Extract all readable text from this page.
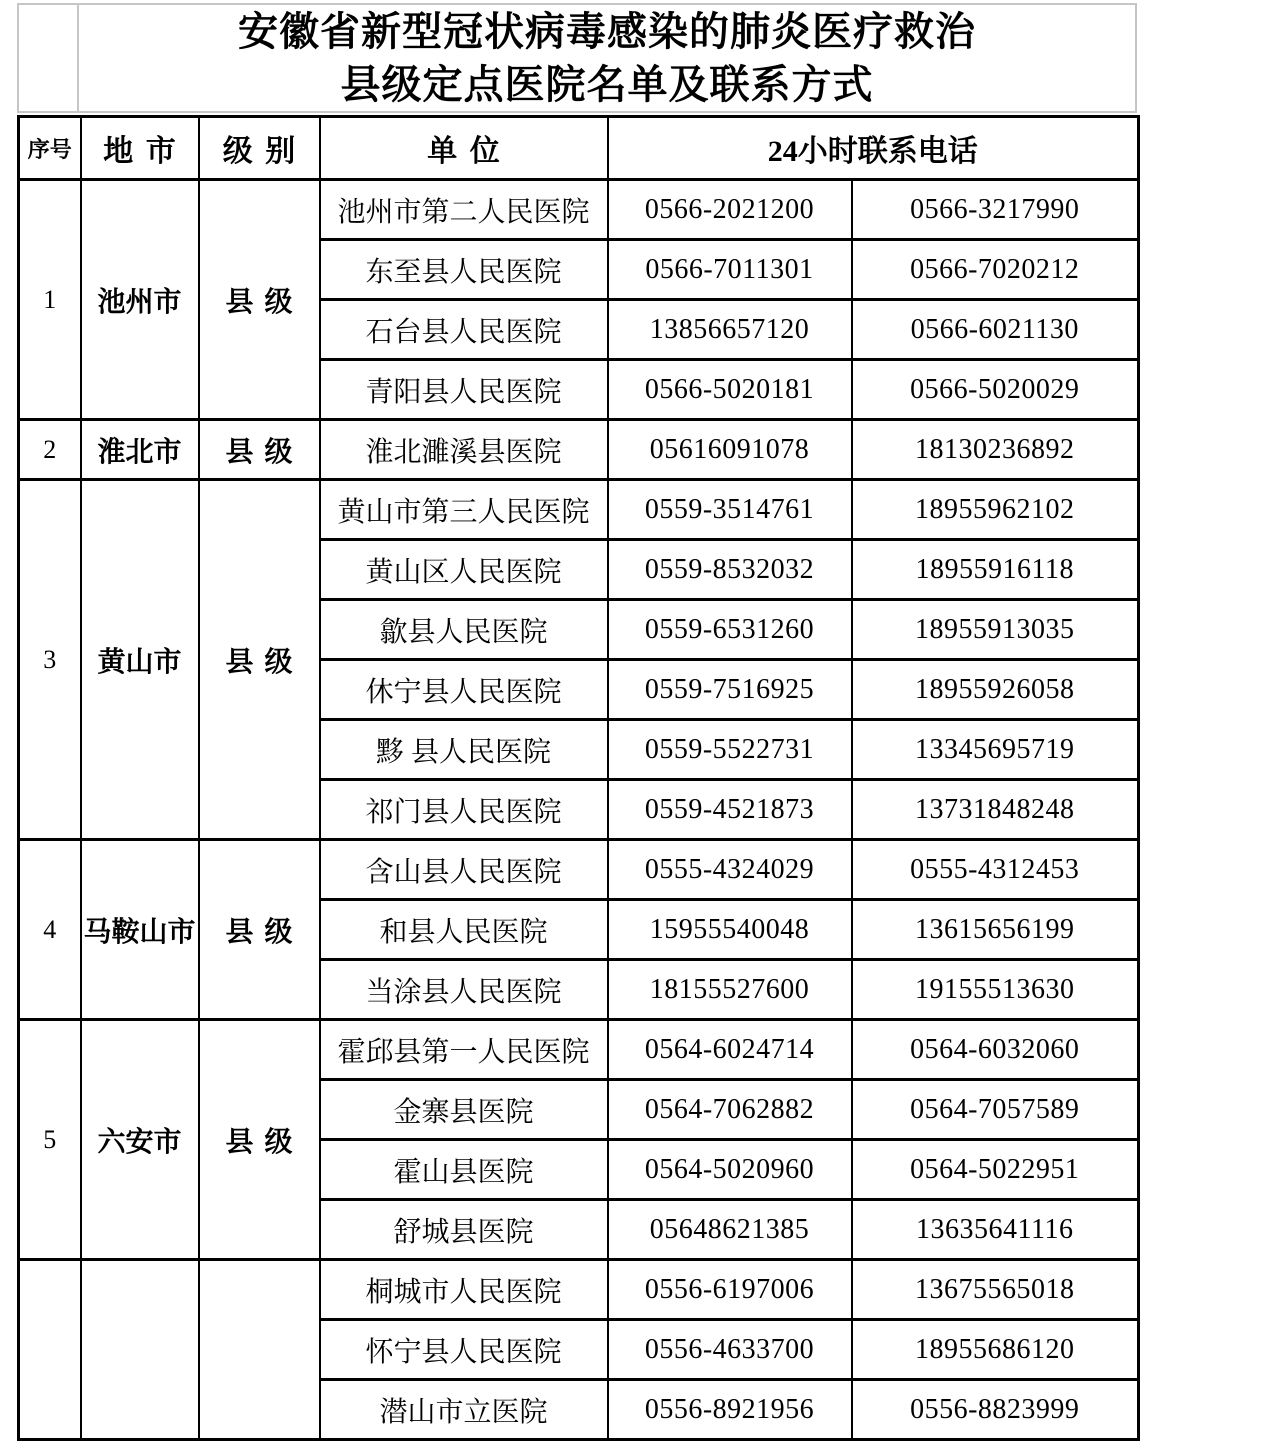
安徽省新型冠状病毒感染的肺炎医疗救治
县级定点医院名单及联系方式
序号	地 市	级 别	单 位	24小时联系电话	
1	池州市	县 级	池州市第二人民医院	0566-2021200	0566-3217990
			东至县人民医院	0566-7011301	0566-7020212
			石台县人民医院	13856657120	0566-6021130
			青阳县人民医院	0566-5020181	0566-5020029
2	淮北市	县 级	淮北濉溪县医院	05616091078	18130236892
3	黄山市	县 级	黄山市第三人民医院	0559-3514761	18955962102
			黄山区人民医院	0559-8532032	18955916118
			歙县人民医院	0559-6531260	18955913035
			休宁县人民医院	0559-7516925	18955926058
			黟 县人民医院	0559-5522731	13345695719
			祁门县人民医院	0559-4521873	13731848248
4	马鞍山市	县 级	含山县人民医院	0555-4324029	0555-4312453
			和县人民医院	15955540048	13615656199
			当涂县人民医院	18155527600	19155513630
5	六安市	县 级	霍邱县第一人民医院	0564-6024714	0564-6032060
			金寨县医院	0564-7062882	0564-7057589
			霍山县医院	0564-5020960	0564-5022951
			舒城县医院	05648621385	13635641116
			桐城市人民医院	0556-6197006	13675565018
			怀宁县人民医院	0556-4633700	18955686120
			潜山市立医院	0556-8921956	0556-8823999
